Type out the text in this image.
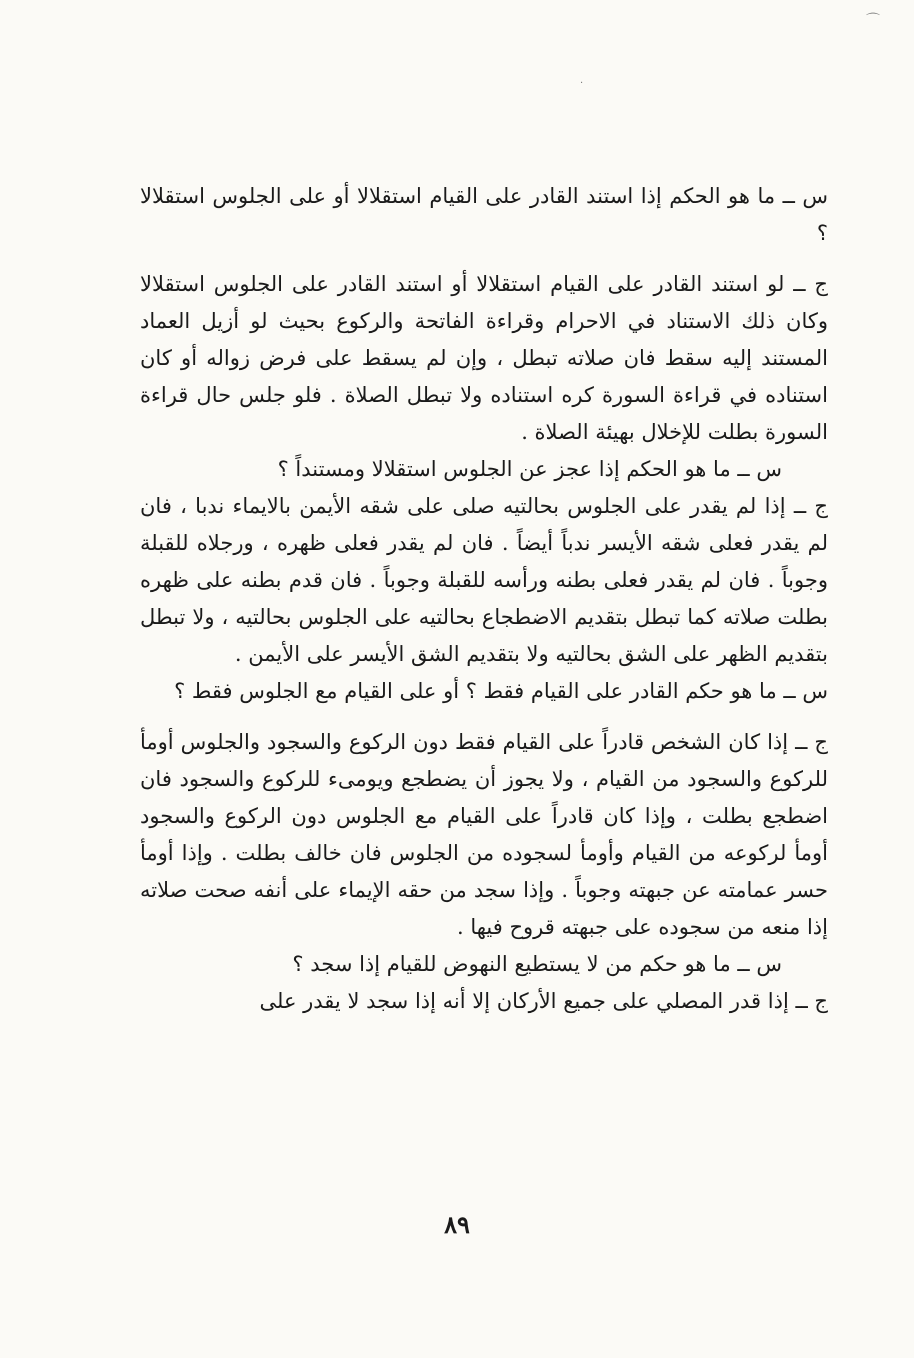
⌒
·

س ــ ما هو الحكم إذا استند القادر على القيام استقلالا أو على الجلوس استقلالا ؟

ج ــ لو استند القادر على القيام استقلالا أو استند القادر على الجلوس استقلالا وكان ذلك الاستناد في الاحرام وقراءة الفاتحة والركوع بحيث لو أزيل العماد المستند إليه سقط فان صلاته تبطل ، وإن لم يسقط على فرض زواله أو كان استناده في قراءة السورة كره استناده ولا تبطل الصلاة . فلو جلس حال قراءة السورة بطلت للإخلال بهيئة الصلاة .

س ــ ما هو الحكم إذا عجز عن الجلوس استقلالا ومستنداً ؟

ج ــ إذا لم يقدر على الجلوس بحالتيه صلى على شقه الأيمن بالايماء ندبا ، فان لم يقدر فعلى شقه الأيسر ندباً أيضاً . فان لم يقدر فعلى ظهره ، ورجلاه للقبلة وجوباً . فان لم يقدر فعلى بطنه ورأسه للقبلة وجوباً . فان قدم بطنه على ظهره بطلت صلاته كما تبطل بتقديم الاضطجاع بحالتيه على الجلوس بحالتيه ، ولا تبطل بتقديم الظهر على الشق بحالتيه ولا بتقديم الشق الأيسر على الأيمن .

س ــ ما هو حكم القادر على القيام فقط ؟ أو على القيام مع الجلوس فقط ؟

ج ــ إذا كان الشخص قادراً على القيام فقط دون الركوع والسجود والجلوس أومأ للركوع والسجود من القيام ، ولا يجوز أن يضطجع ويومىء للركوع والسجود فان اضطجع بطلت ، وإذا كان قادراً على القيام مع الجلوس دون الركوع والسجود أومأ لركوعه من القيام وأومأ لسجوده من الجلوس فان خالف بطلت . وإذا أومأ حسر عمامته عن جبهته وجوباً . وإذا سجد من حقه الإيماء على أنفه صحت صلاته إذا منعه من سجوده على جبهته قروح فيها .

س ــ ما هو حكم من لا يستطيع النهوض للقيام إذا سجد ؟

ج ــ إذا قدر المصلي على جميع الأركان إلا أنه إذا سجد لا يقدر على

٨٩
